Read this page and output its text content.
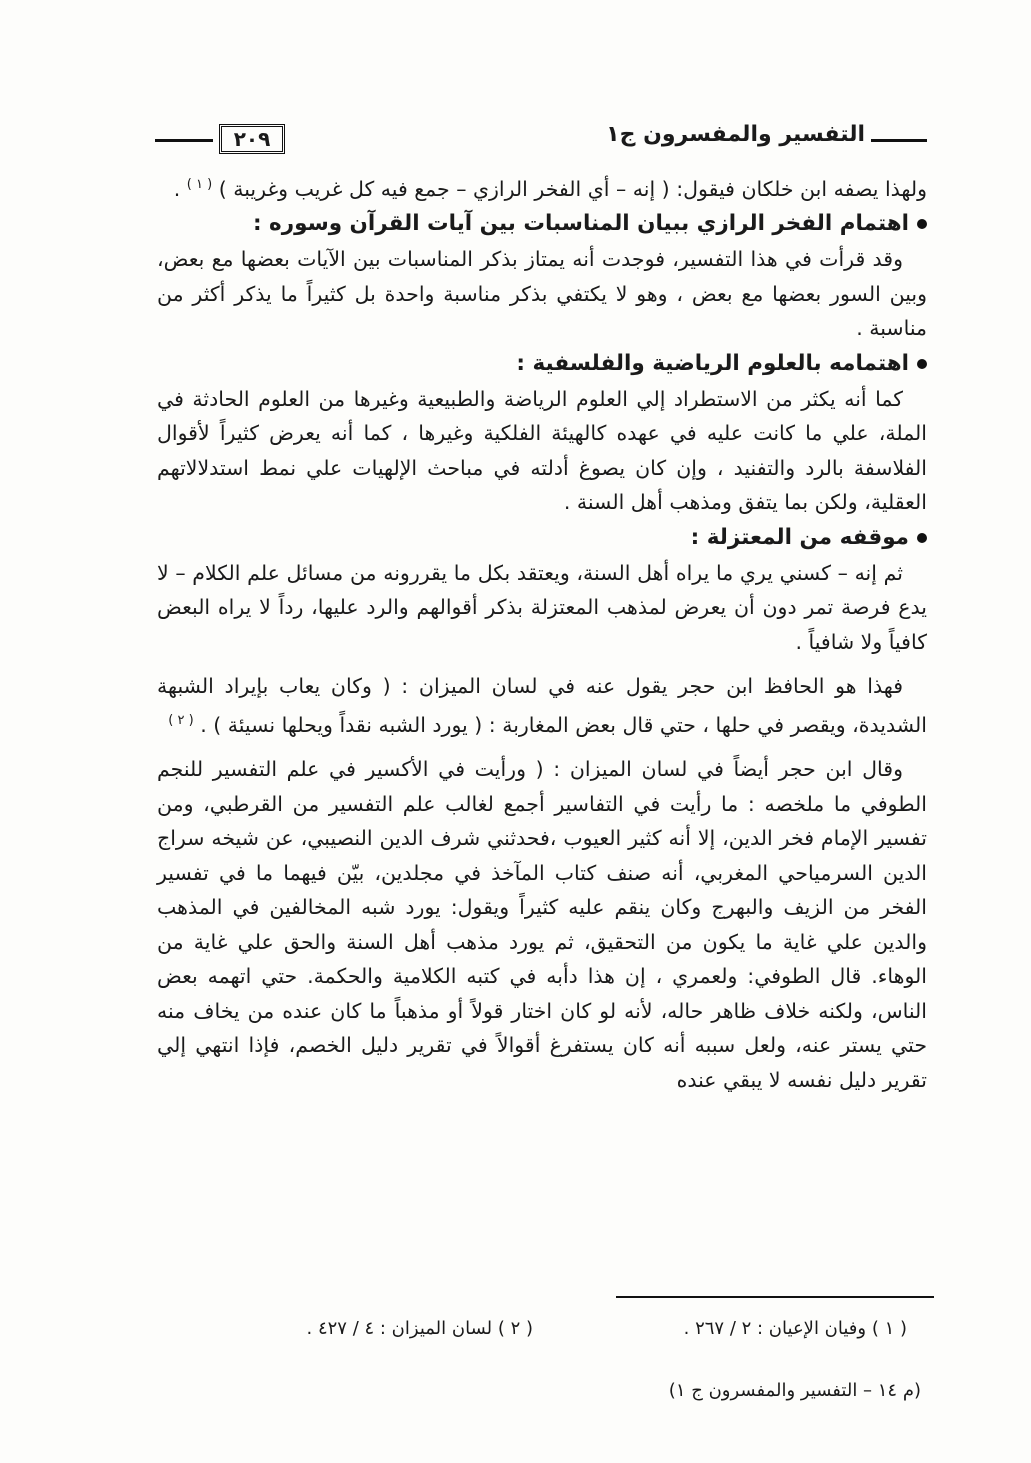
التفسير والمفسرون ج١
٢٠٩

ولهذا يصفه ابن خلكان فيقول: ( إنه – أي الفخر الرازي – جمع فيه كل غريب وغريبة ) $^{( ١ )}$ .

اهتمام الفخر الرازي ببيان المناسبات بين آيات القرآن وسوره :

وقد قرأت في هذا التفسير، فوجدت أنه يمتاز بذكر المناسبات بين الآيات بعضها مع بعض، وبين السور بعضها مع بعض ، وهو لا يكتفي بذكر مناسبة واحدة بل كثيراً ما يذكر أكثر من مناسبة .

اهتمامه بالعلوم الرياضية والفلسفية :

كما أنه يكثر من الاستطراد إلي العلوم الرياضة والطبيعية وغيرها من العلوم الحادثة في الملة، علي ما كانت عليه في عهده كالهيئة الفلكية وغيرها ، كما أنه يعرض كثيراً لأقوال الفلاسفة بالرد والتفنيد ، وإن كان يصوغ أدلته في مباحث الإلهيات علي نمط استدلالاتهم العقلية، ولكن بما يتفق ومذهب أهل السنة .

موقفه من المعتزلة :

ثم إنه – كسني يري ما يراه أهل السنة، ويعتقد بكل ما يقررونه من مسائل علم الكلام – لا يدع فرصة تمر دون أن يعرض لمذهب المعتزلة بذكر أقوالهم والرد عليها، رداً لا يراه البعض كافياً ولا شافياً .

فهذا هو الحافظ ابن حجر يقول عنه في لسان الميزان : ( وكان يعاب بإيراد الشبهة الشديدة، ويقصر في حلها ، حتي قال بعض المغاربة : ( يورد الشبه نقداً ويحلها نسيئة ) . $^{( ٢ )}$

وقال ابن حجر أيضاً في لسان الميزان : ( ورأيت في الأكسير في علم التفسير للنجم الطوفي ما ملخصه : ما رأيت في التفاسير أجمع لغالب علم التفسير من القرطبي، ومن تفسير الإمام فخر الدين، إلا أنه كثير العيوب ،فحدثني شرف الدين النصيبي، عن شيخه سراج الدين السرمياحي المغربي، أنه صنف كتاب المآخذ في مجلدين، بيّن فيهما ما في تفسير الفخر من الزيف والبهرج وكان ينقم عليه كثيراً ويقول: يورد شبه المخالفين في المذهب والدين علي غاية ما يكون من التحقيق، ثم يورد مذهب أهل السنة والحق علي غاية من الوهاء. قال الطوفي: ولعمري ، إن هذا دأبه في كتبه الكلامية والحكمة. حتي اتهمه بعض الناس، ولكنه خلاف ظاهر حاله، لأنه لو كان اختار قولاً أو مذهباً ما كان عنده من يخاف منه حتي يستر عنه، ولعل سببه أنه كان يستفرغ أقوالاً في تقرير دليل الخصم، فإذا انتهي إلي تقرير دليل نفسه لا يبقي عنده

( ١ ) وفيان الإعيان : ٢ / ٢٦٧ .
( ٢ ) لسان الميزان : ٤ / ٤٢٧ .
(م ١٤ – التفسير والمفسرون ج ١)
